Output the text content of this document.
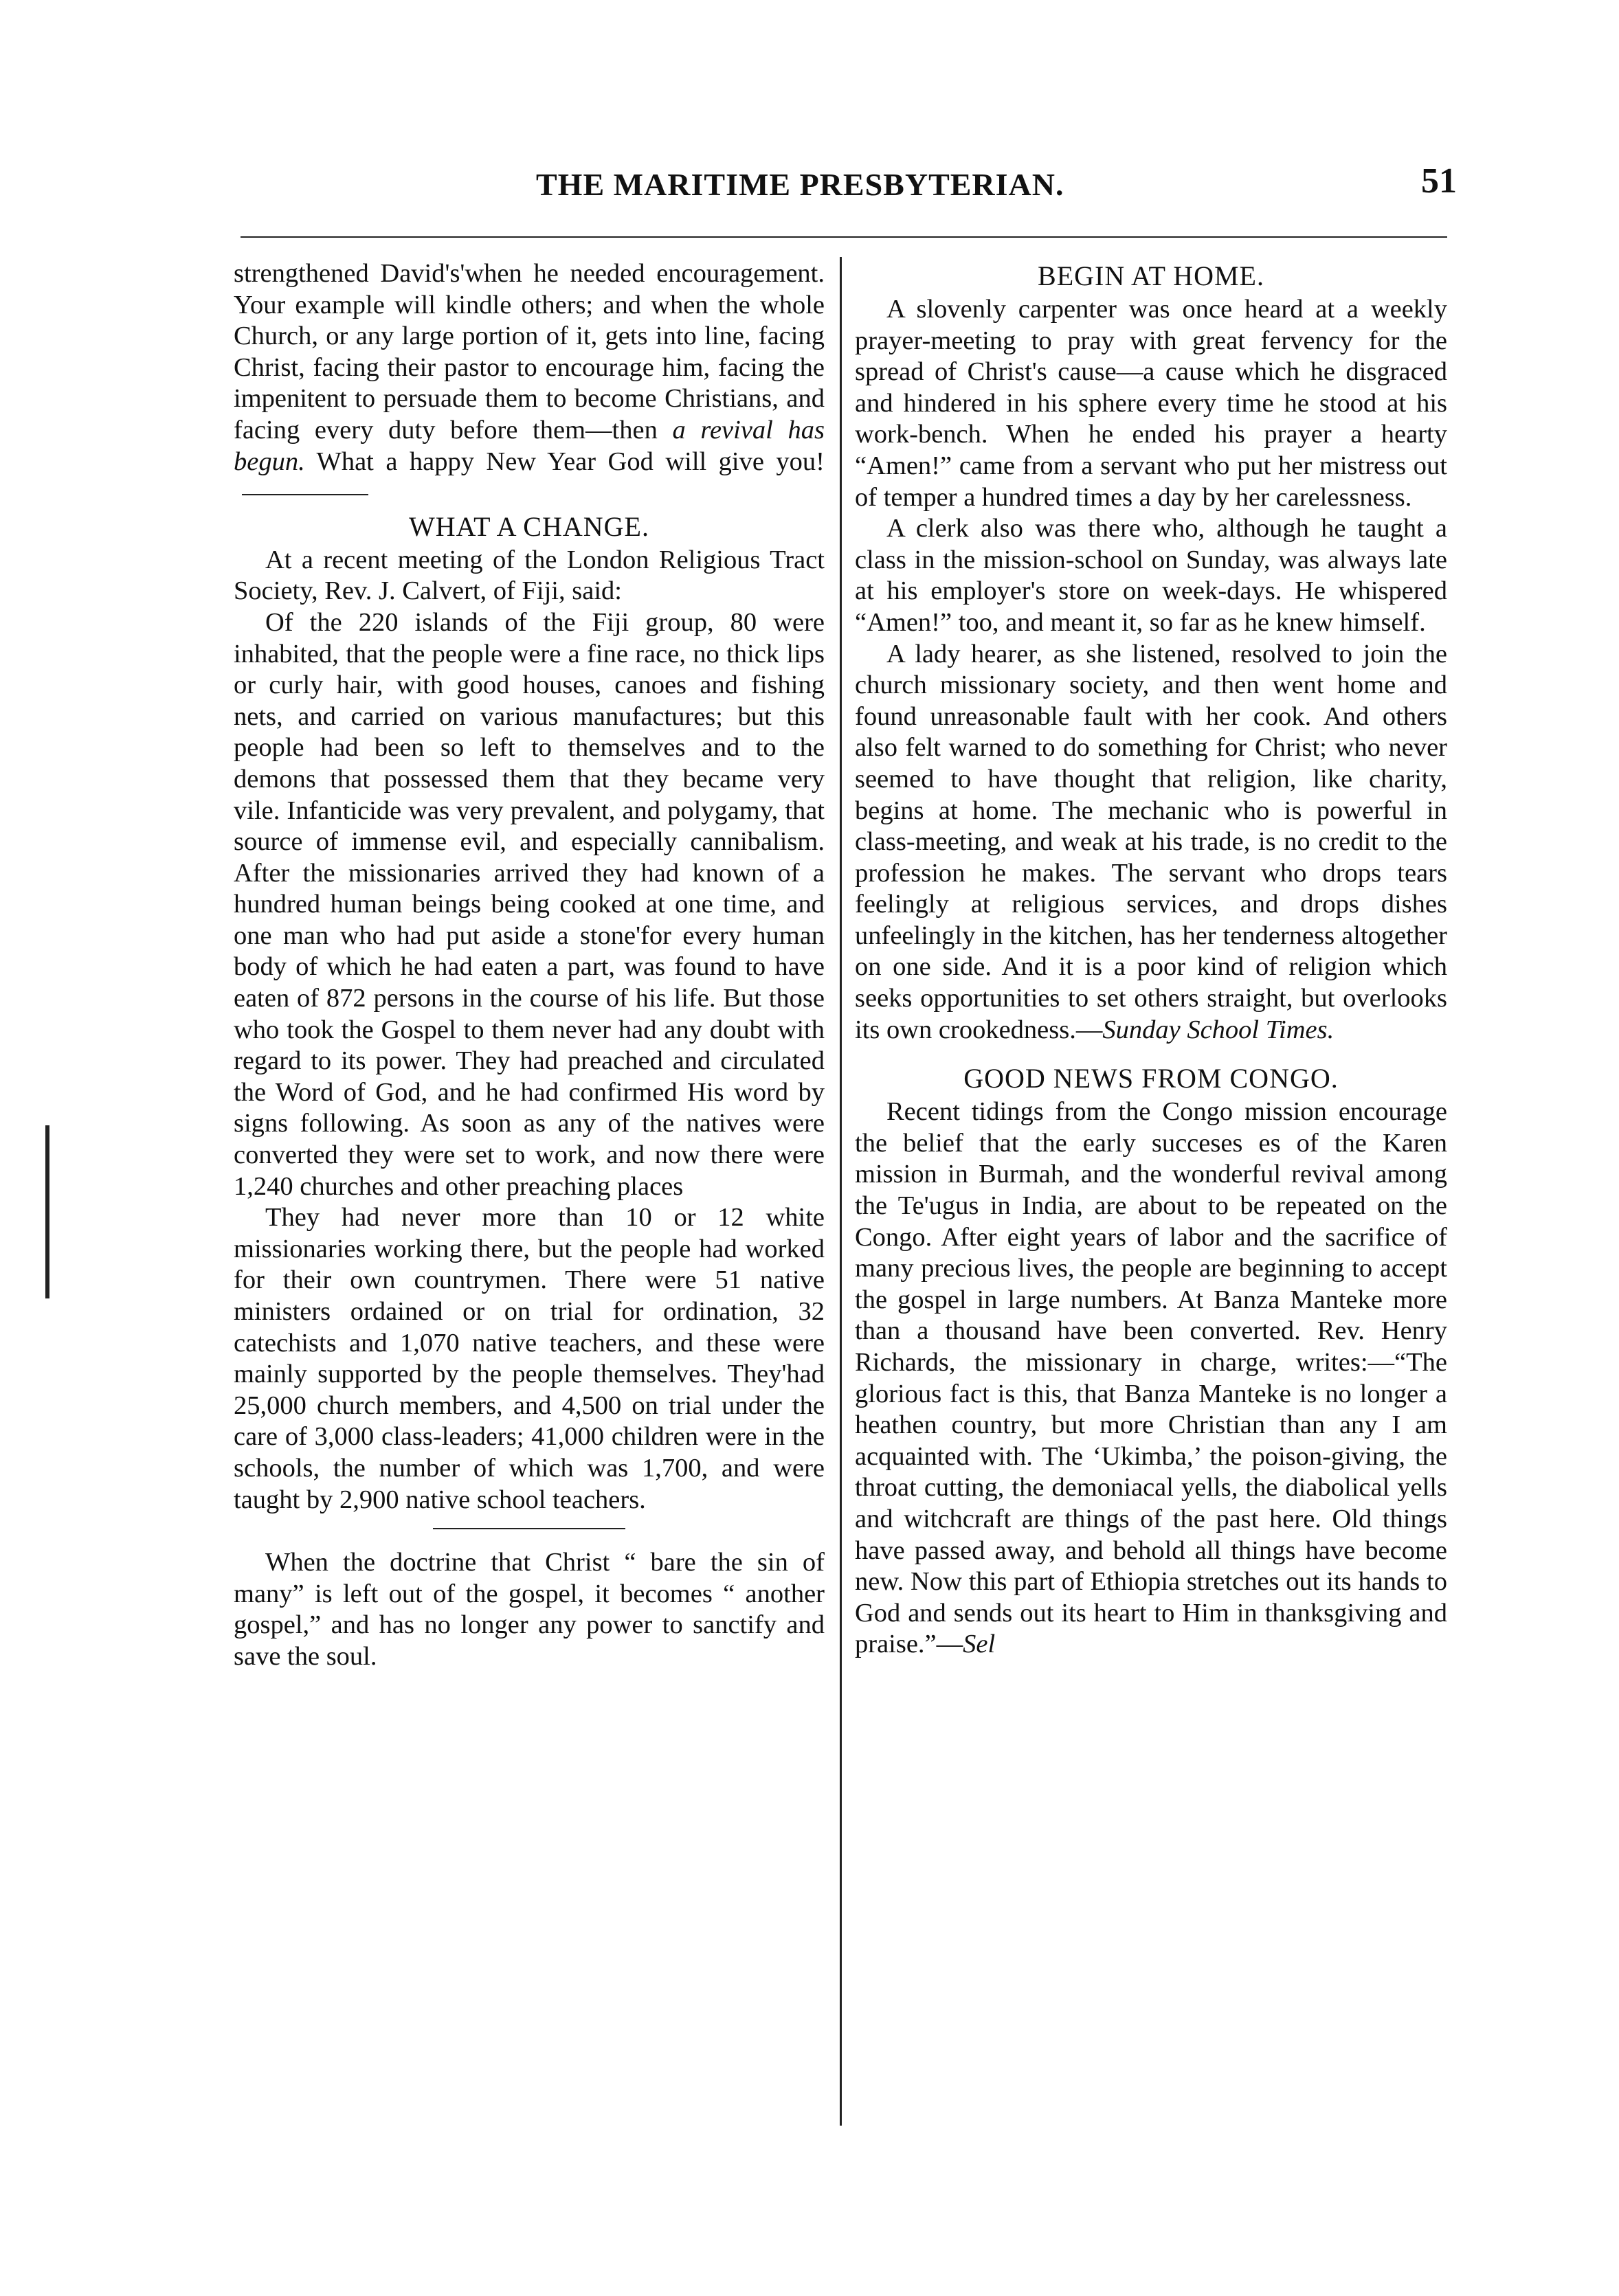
THE MARITIME PRESBYTERIAN.	51

strengthened David's'when he needed encouragement. Your example will kindle others; and when the whole Church, or any large portion of it, gets into line, facing Christ, facing their pastor to encourage him, facing the impenitent to persuade them to become Christians, and facing every duty before them—then a revival has begun. What a happy New Year God will give you!

WHAT A CHANGE.

At a recent meeting of the London Religious Tract Society, Rev. J. Calvert, of Fiji, said:

Of the 220 islands of the Fiji group, 80 were inhabited, that the people were a fine race, no thick lips or curly hair, with good houses, canoes and fishing nets, and carried on various manufactures; but this people had been so left to themselves and to the demons that possessed them that they became very vile. Infanticide was very prevalent, and polygamy, that source of immense evil, and especially cannibalism. After the missionaries arrived they had known of a hundred human beings being cooked at one time, and one man who had put aside a stone'for every human body of which he had eaten a part, was found to have eaten of 872 persons in the course of his life. But those who took the Gospel to them never had any doubt with regard to its power. They had preached and circulated the Word of God, and he had confirmed His word by signs following. As soon as any of the natives were converted they were set to work, and now there were 1,240 churches and other preaching places

They had never more than 10 or 12 white missionaries working there, but the people had worked for their own countrymen. There were 51 native ministers ordained or on trial for ordination, 32 catechists and 1,070 native teachers, and these were mainly supported by the people themselves. They'had 25,000 church members, and 4,500 on trial under the care of 3,000 class-leaders; 41,000 children were in the schools, the number of which was 1,700, and were taught by 2,900 native school teachers.

When the doctrine that Christ “ bare the sin of many” is left out of the gospel, it becomes “ another gospel,” and has no longer any power to sanctify and save the soul.

BEGIN AT HOME.

A slovenly carpenter was once heard at a weekly prayer-meeting to pray with great fervency for the spread of Christ's cause—a cause which he disgraced and hindered in his sphere every time he stood at his work-bench. When he ended his prayer a hearty “Amen!” came from a servant who put her mistress out of temper a hundred times a day by her carelessness.

A clerk also was there who, although he taught a class in the mission-school on Sunday, was always late at his employer's store on week-days. He whispered “Amen!” too, and meant it, so far as he knew himself.

A lady hearer, as she listened, resolved to join the church missionary society, and then went home and found unreasonable fault with her cook. And others also felt warned to do something for Christ; who never seemed to have thought that religion, like charity, begins at home. The mechanic who is powerful in class-meeting, and weak at his trade, is no credit to the profession he makes. The servant who drops tears feelingly at religious services, and drops dishes unfeelingly in the kitchen, has her tenderness altogether on one side. And it is a poor kind of religion which seeks opportunities to set others straight, but overlooks its own crookedness.—Sunday School Times.

GOOD NEWS FROM CONGO.

Recent tidings from the Congo mission encourage the belief that the early succeses es of the Karen mission in Burmah, and the wonderful revival among the Te'ugus in India, are about to be repeated on the Congo. After eight years of labor and the sacrifice of many precious lives, the people are beginning to accept the gospel in large numbers. At Banza Manteke more than a thousand have been converted. Rev. Henry Richards, the missionary in charge, writes:—“The glorious fact is this, that Banza Manteke is no longer a heathen country, but more Christian than any I am acquainted with. The ‘Ukimba,’ the poison-giving, the throat cutting, the demoniacal yells, the diabolical yells and witchcraft are things of the past here. Old things have passed away, and behold all things have become new. Now this part of Ethiopia stretches out its hands to God and sends out its heart to Him in thanksgiving and praise.”—Sel
